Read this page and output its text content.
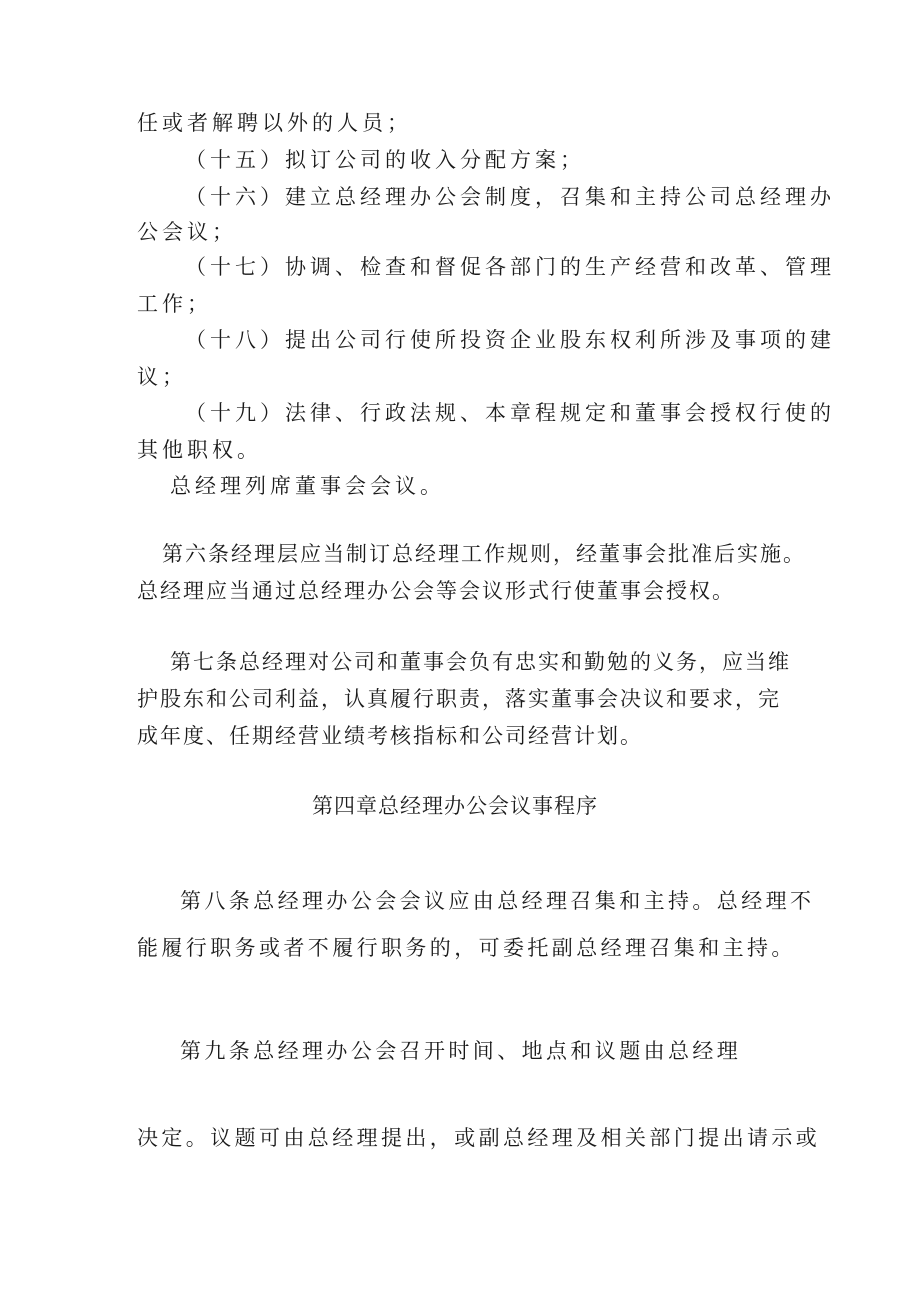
任或者解聘以外的人员；
（十五）拟订公司的收入分配方案；
（十六）建立总经理办公会制度，召集和主持公司总经理办
公会议；
（十七）协调、检查和督促各部门的生产经营和改革、管理
工作；
（十八）提出公司行使所投资企业股东权利所涉及事项的建
议；
（十九）法律、行政法规、本章程规定和董事会授权行使的
其他职权。
总经理列席董事会会议。
第六条经理层应当制订总经理工作规则，经董事会批准后实施。
总经理应当通过总经理办公会等会议形式行使董事会授权。
第七条总经理对公司和董事会负有忠实和勤勉的义务，应当维
护股东和公司利益，认真履行职责，落实董事会决议和要求，完
成年度、任期经营业绩考核指标和公司经营计划。
第四章总经理办公会议事程序
第八条总经理办公会会议应由总经理召集和主持。总经理不
能履行职务或者不履行职务的，可委托副总经理召集和主持。
第九条总经理办公会召开时间、地点和议题由总经理
决定。议题可由总经理提出，或副总经理及相关部门提出请示或
